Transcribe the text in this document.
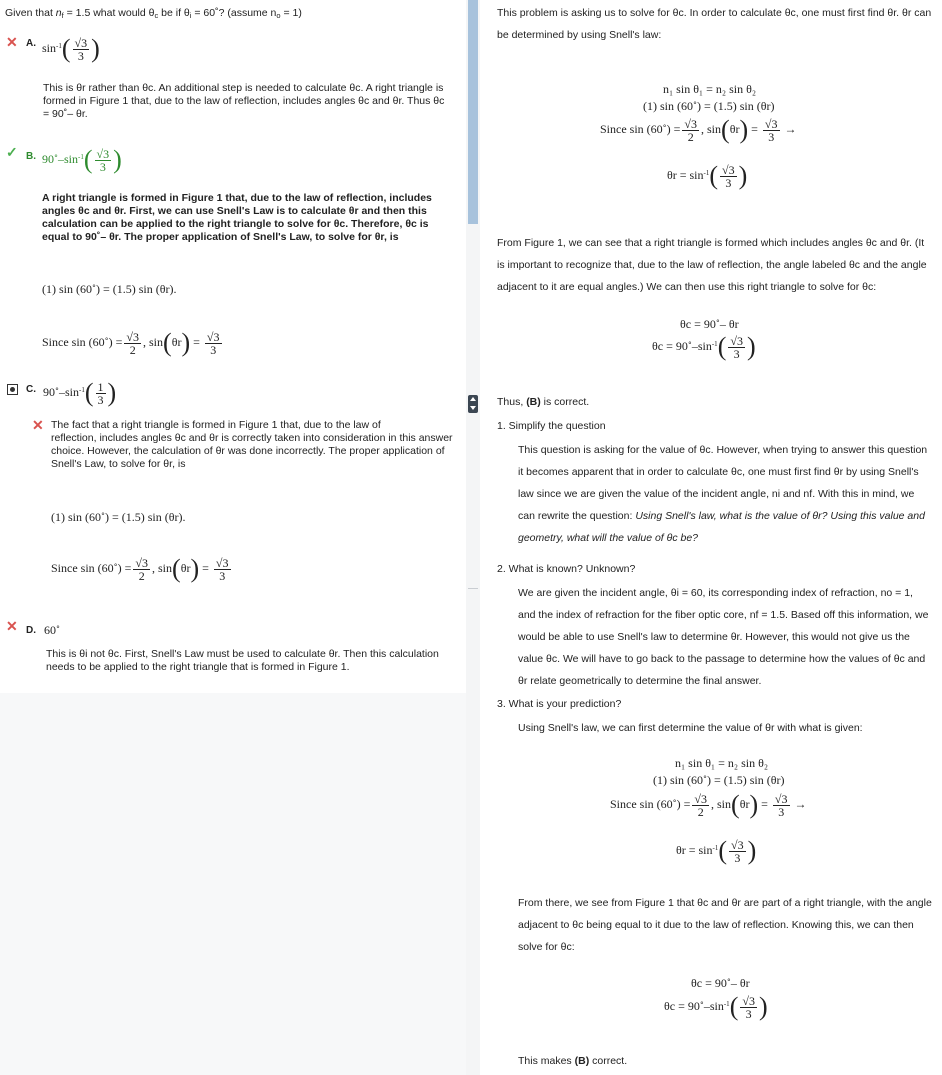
Given that $n_f = 1.5$ what would $\theta_c$ be if $\theta_i$ = 60˚? (assume $n_o = 1$)
✕ A. $\sin^{-1}( \frac{√3}{3}$ )

This is θr rather than θc. An additional step is needed to calculate θc. A right triangle is

formed in Figure 1 that, due to the law of reflection, includes angles θc and θr. Thus θc

= 90˚– θr.

✓ B. $90˚-\sin^{-1}( \frac{√3}{3}$ )

A right triangle is formed in Figure 1 that, due to the law of reflection, includes

angles θc and θr. First, we can use Snell's Law is to calculate θr and then this

calculation can be applied to the right triangle to solve for θc. Therefore, θc is

equal to 90˚– θr. The proper application of Snell's Law, to solve for θr, is

(1) sin (60˚) = (1.5) sin (θr).
Since sin (60˚) = $\frac{√3}{2}$ , $\sin(\theta r) = \frac{√3}{3}$
C. $90˚-\sin^{-1}( \frac{1}{3}$ )
✕ The fact that a right triangle is formed in Figure 1 that, due to the law of

reflection, includes angles θc and θr is correctly taken into consideration in this answer

choice. However, the calculation of θr was done incorrectly. The proper application of

Snell's Law, to solve for θr, is

(1) sin (60˚) = (1.5) sin (θr).
Since sin (60˚) = $\frac{√3}{2}$ , $\sin(\theta r) = \frac{√3}{3}$
✕ D. 60˚

This is θi not θc. First, Snell's Law must be used to calculate θr. Then this calculation

needs to be applied to the right triangle that is formed in Figure 1.

This problem is asking us to solve for θc. In order to calculate θc, one must first find θr. θr can
be determined by using Snell's law:
n₁ sin θ₁ = n₂ sin θ₂
(1) sin (60˚) = (1.5) sin (θr)
Since sin (60˚) = $\frac{√3}{2}$ , $\sin(\theta r) = \frac{√3}{3}$ →
$\theta r = \sin^{-1}( \frac{√3}{3}$ )
From Figure 1, we can see that a right triangle is formed which includes angles θc and θr. (It
is important to recognize that, due to the law of reflection, the angle labeled θc and the angle
adjacent to it are equal angles.) We can then use this right triangle to solve for θc:
θc = 90˚– θr
$\theta c = 90˚-\sin^{-1}( \frac{√3}{3}$ )
Thus, (B) is correct.
1. Simplify the question
This question is asking for the value of θc. However, when trying to answer this question
it becomes apparent that in order to calculate θc, one must first find θr by using Snell's
law since we are given the value of the incident angle, ni and nf. With this in mind, we
can rewrite the question: Using Snell's law, what is the value of θr? Using this value and
geometry, what will the value of θc be?
2. What is known? Unknown?
We are given the incident angle, θi = 60, its corresponding index of refraction, no = 1,
and the index of refraction for the fiber optic core, nf = 1.5. Based off this information, we
would be able to use Snell's law to determine θr. However, this would not give us the
value θc. We will have to go back to the passage to determine how the values of θc and
θr relate geometrically to determine the final answer.
3. What is your prediction?
Using Snell's law, we can first determine the value of θr with what is given:
n₁ sin θ₁ = n₂ sin θ₂
(1) sin (60˚) = (1.5) sin (θr)
Since sin (60˚) = $\frac{√3}{2}$ , $\sin(\theta r) = \frac{√3}{3}$ →
$\theta r = \sin^{-1}( \frac{√3}{3}$ )
From there, we see from Figure 1 that θc and θr are part of a right triangle, with the angle
adjacent to θc being equal to it due to the law of reflection. Knowing this, we can then
solve for θc:
θc = 90˚– θr
$\theta c = 90˚-\sin^{-1}( \frac{√3}{3}$ )
This makes (B) correct.
